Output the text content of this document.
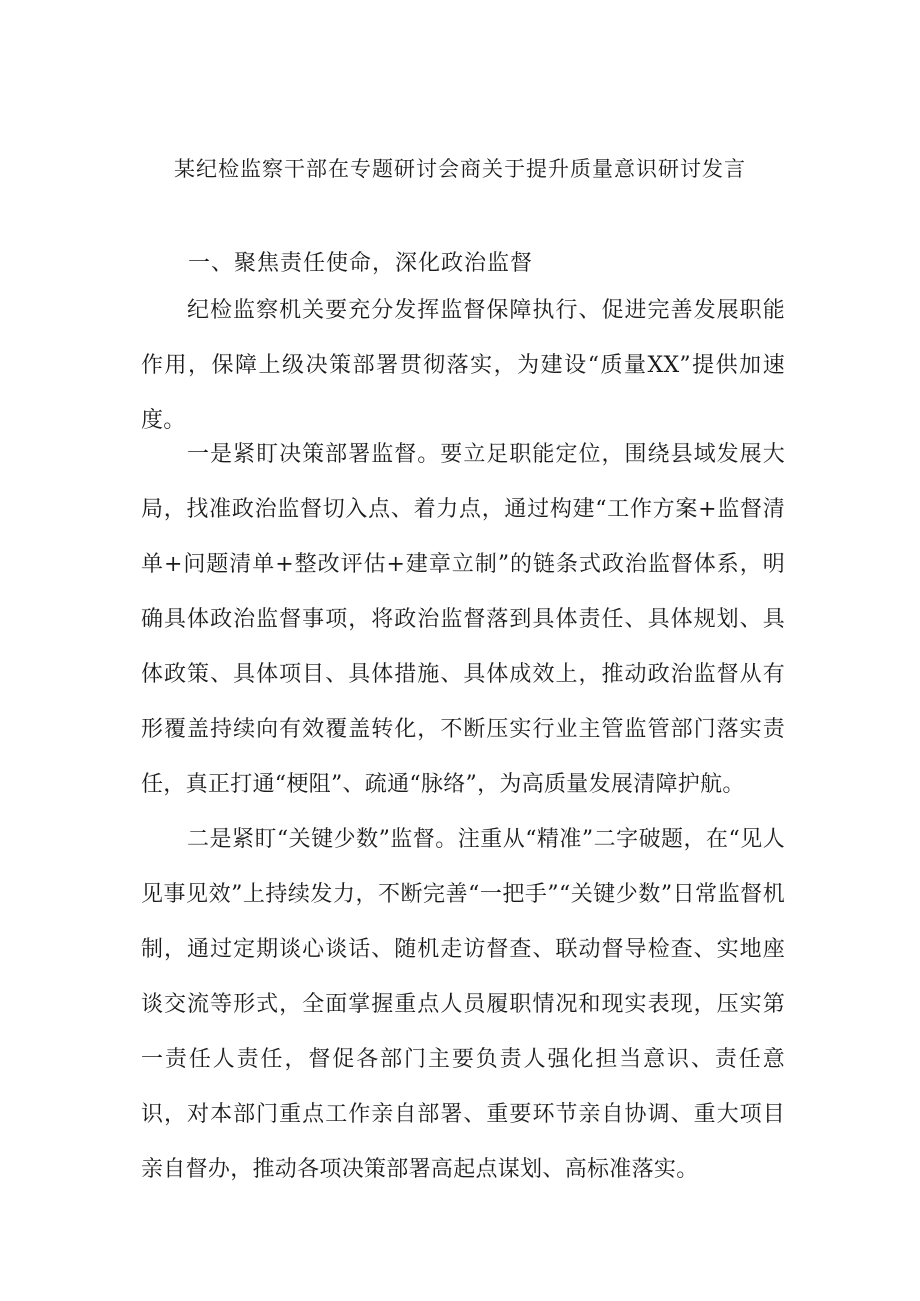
某纪检监察干部在专题研讨会商关于提升质量意识研讨发言
一、聚焦责任使命，深化政治监督

纪检监察机关要充分发挥监督保障执行、促进完善发展职能作用，保障上级决策部署贯彻落实，为建设“质量XX”提供加速度。

一是紧盯决策部署监督。要立足职能定位，围绕县域发展大局，找准政治监督切入点、着力点，通过构建“工作方案+监督清单+问题清单+整改评估+建章立制”的链条式政治监督体系，明确具体政治监督事项，将政治监督落到具体责任、具体规划、具体政策、具体项目、具体措施、具体成效上，推动政治监督从有形覆盖持续向有效覆盖转化，不断压实行业主管监管部门落实责任，真正打通“梗阻”、疏通“脉络”，为高质量发展清障护航。

二是紧盯“关键少数”监督。注重从“精准”二字破题，在“见人见事见效”上持续发力，不断完善“一把手”“关键少数”日常监督机制，通过定期谈心谈话、随机走访督查、联动督导检查、实地座谈交流等形式，全面掌握重点人员履职情况和现实表现，压实第一责任人责任，督促各部门主要负责人强化担当意识、责任意识，对本部门重点工作亲自部署、重要环节亲自协调、重大项目亲自督办，推动各项决策部署高起点谋划、高标准落实。
